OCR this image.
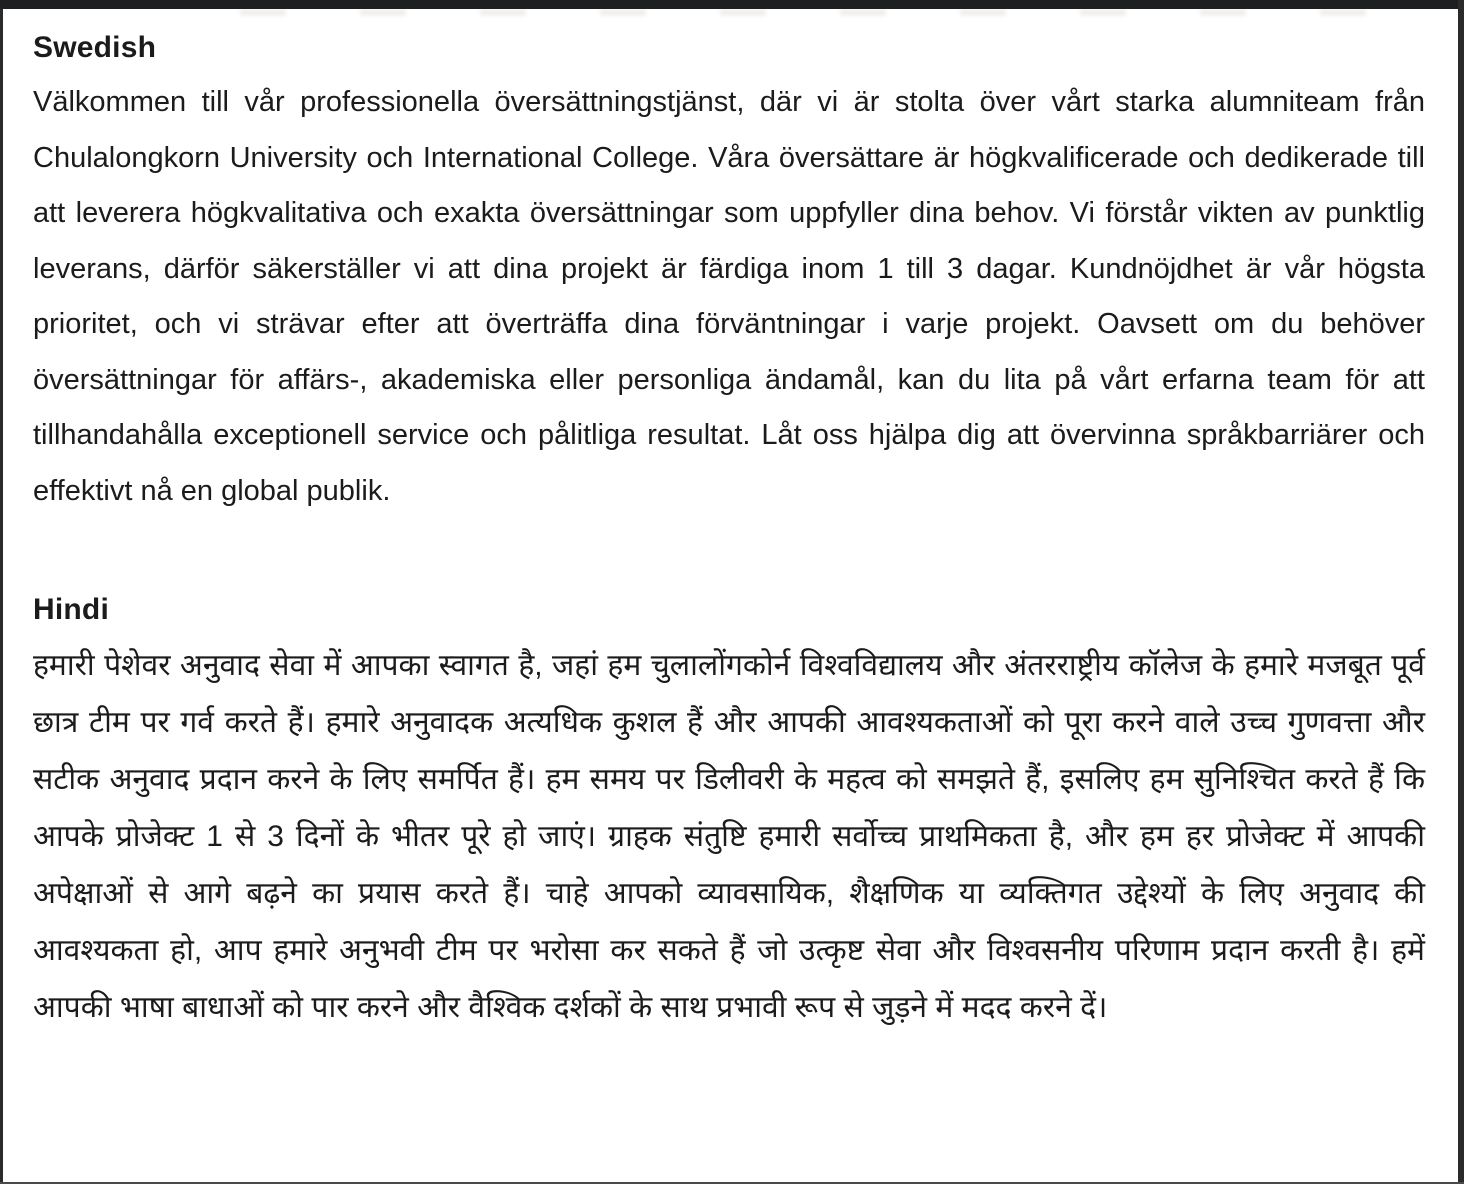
Swedish

Välkommen till vår professionella översättningstjänst, där vi är stolta över vårt starka alumniteam från Chulalongkorn University och International College. Våra översättare är högkvalificerade och dedikerade till att leverera högkvalitativa och exakta översättningar som uppfyller dina behov. Vi förstår vikten av punktlig leverans, därför säkerställer vi att dina projekt är färdiga inom 1 till 3 dagar. Kundnöjdhet är vår högsta prioritet, och vi strävar efter att överträffa dina förväntningar i varje projekt. Oavsett om du behöver översättningar för affärs-, akademiska eller personliga ändamål, kan du lita på vårt erfarna team för att tillhandahålla exceptionell service och pålitliga resultat. Låt oss hjälpa dig att övervinna språkbarriärer och effektivt nå en global publik.

Hindi

हमारी पेशेवर अनुवाद सेवा में आपका स्वागत है, जहां हम चुलालोंगकोर्न विश्वविद्यालय और अंतरराष्ट्रीय कॉलेज के हमारे मजबूत पूर्व छात्र टीम पर गर्व करते हैं। हमारे अनुवादक अत्यधिक कुशल हैं और आपकी आवश्यकताओं को पूरा करने वाले उच्च गुणवत्ता और सटीक अनुवाद प्रदान करने के लिए समर्पित हैं। हम समय पर डिलीवरी के महत्व को समझते हैं, इसलिए हम सुनिश्चित करते हैं कि आपके प्रोजेक्ट 1 से 3 दिनों के भीतर पूरे हो जाएं। ग्राहक संतुष्टि हमारी सर्वोच्च प्राथमिकता है, और हम हर प्रोजेक्ट में आपकी अपेक्षाओं से आगे बढ़ने का प्रयास करते हैं। चाहे आपको व्यावसायिक, शैक्षणिक या व्यक्तिगत उद्देश्यों के लिए अनुवाद की आवश्यकता हो, आप हमारे अनुभवी टीम पर भरोसा कर सकते हैं जो उत्कृष्ट सेवा और विश्वसनीय परिणाम प्रदान करती है। हमें आपकी भाषा बाधाओं को पार करने और वैश्विक दर्शकों के साथ प्रभावी रूप से जुड़ने में मदद करने दें।
